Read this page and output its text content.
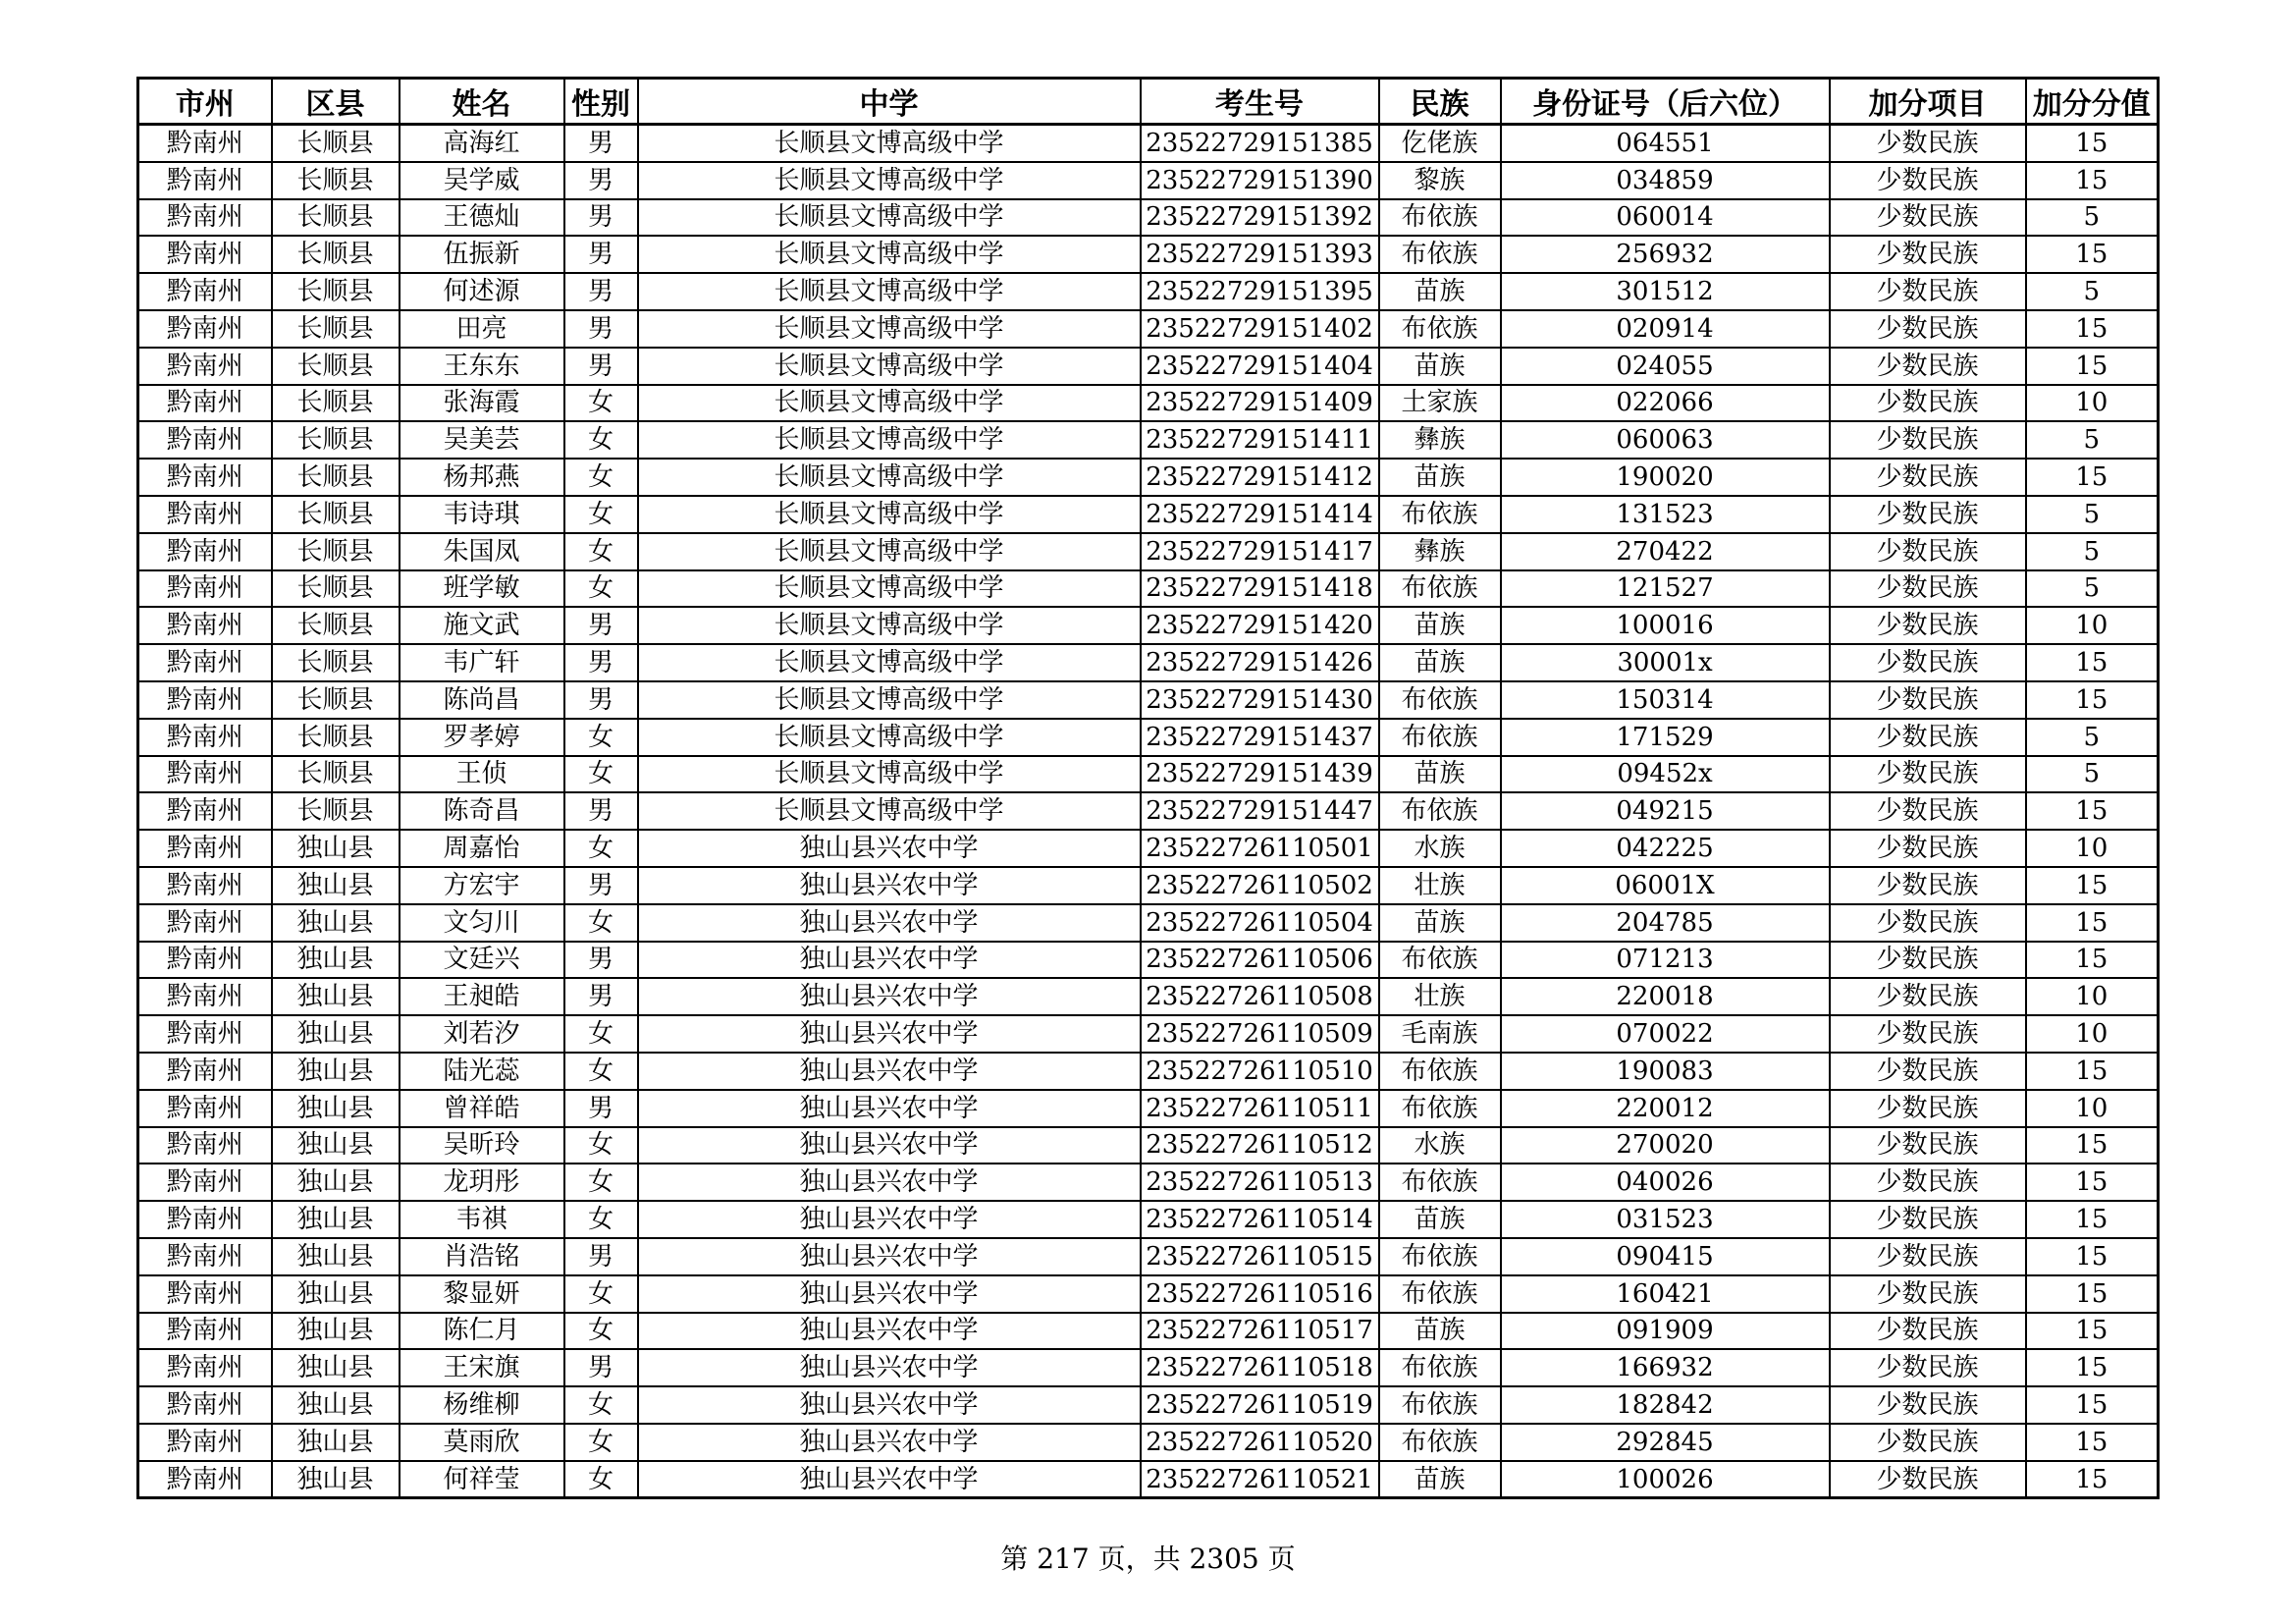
市州	区县	姓名	性别	中学	考生号	民族	身份证号（后六位）	加分项目	加分分值
黔南州	长顺县	高海红	男	长顺县文博高级中学	23522729151385	仡佬族	064551	少数民族	15
黔南州	长顺县	吴学威	男	长顺县文博高级中学	23522729151390	黎族	034859	少数民族	15
黔南州	长顺县	王德灿	男	长顺县文博高级中学	23522729151392	布依族	060014	少数民族	5
黔南州	长顺县	伍振新	男	长顺县文博高级中学	23522729151393	布依族	256932	少数民族	15
黔南州	长顺县	何述源	男	长顺县文博高级中学	23522729151395	苗族	301512	少数民族	5
黔南州	长顺县	田亮	男	长顺县文博高级中学	23522729151402	布依族	020914	少数民族	15
黔南州	长顺县	王东东	男	长顺县文博高级中学	23522729151404	苗族	024055	少数民族	15
黔南州	长顺县	张海霞	女	长顺县文博高级中学	23522729151409	土家族	022066	少数民族	10
黔南州	长顺县	吴美芸	女	长顺县文博高级中学	23522729151411	彝族	060063	少数民族	5
黔南州	长顺县	杨邦燕	女	长顺县文博高级中学	23522729151412	苗族	190020	少数民族	15
黔南州	长顺县	韦诗琪	女	长顺县文博高级中学	23522729151414	布依族	131523	少数民族	5
黔南州	长顺县	朱国凤	女	长顺县文博高级中学	23522729151417	彝族	270422	少数民族	5
黔南州	长顺县	班学敏	女	长顺县文博高级中学	23522729151418	布依族	121527	少数民族	5
黔南州	长顺县	施文武	男	长顺县文博高级中学	23522729151420	苗族	100016	少数民族	10
黔南州	长顺县	韦广轩	男	长顺县文博高级中学	23522729151426	苗族	30001x	少数民族	15
黔南州	长顺县	陈尚昌	男	长顺县文博高级中学	23522729151430	布依族	150314	少数民族	15
黔南州	长顺县	罗孝婷	女	长顺县文博高级中学	23522729151437	布依族	171529	少数民族	5
黔南州	长顺县	王侦	女	长顺县文博高级中学	23522729151439	苗族	09452x	少数民族	5
黔南州	长顺县	陈奇昌	男	长顺县文博高级中学	23522729151447	布依族	049215	少数民族	15
黔南州	独山县	周嘉怡	女	独山县兴农中学	23522726110501	水族	042225	少数民族	10
黔南州	独山县	方宏宇	男	独山县兴农中学	23522726110502	壮族	06001X	少数民族	15
黔南州	独山县	文匀川	女	独山县兴农中学	23522726110504	苗族	204785	少数民族	15
黔南州	独山县	文廷兴	男	独山县兴农中学	23522726110506	布依族	071213	少数民族	15
黔南州	独山县	王昶皓	男	独山县兴农中学	23522726110508	壮族	220018	少数民族	10
黔南州	独山县	刘若汐	女	独山县兴农中学	23522726110509	毛南族	070022	少数民族	10
黔南州	独山县	陆光蕊	女	独山县兴农中学	23522726110510	布依族	190083	少数民族	15
黔南州	独山县	曾祥皓	男	独山县兴农中学	23522726110511	布依族	220012	少数民族	10
黔南州	独山县	吴昕玲	女	独山县兴农中学	23522726110512	水族	270020	少数民族	15
黔南州	独山县	龙玥彤	女	独山县兴农中学	23522726110513	布依族	040026	少数民族	15
黔南州	独山县	韦祺	女	独山县兴农中学	23522726110514	苗族	031523	少数民族	15
黔南州	独山县	肖浩铭	男	独山县兴农中学	23522726110515	布依族	090415	少数民族	15
黔南州	独山县	黎显妍	女	独山县兴农中学	23522726110516	布依族	160421	少数民族	15
黔南州	独山县	陈仁月	女	独山县兴农中学	23522726110517	苗族	091909	少数民族	15
黔南州	独山县	王宋旗	男	独山县兴农中学	23522726110518	布依族	166932	少数民族	15
黔南州	独山县	杨维柳	女	独山县兴农中学	23522726110519	布依族	182842	少数民族	15
黔南州	独山县	莫雨欣	女	独山县兴农中学	23522726110520	布依族	292845	少数民族	15
黔南州	独山县	何祥莹	女	独山县兴农中学	23522726110521	苗族	100026	少数民族	15
第 217 页，共 2305 页
